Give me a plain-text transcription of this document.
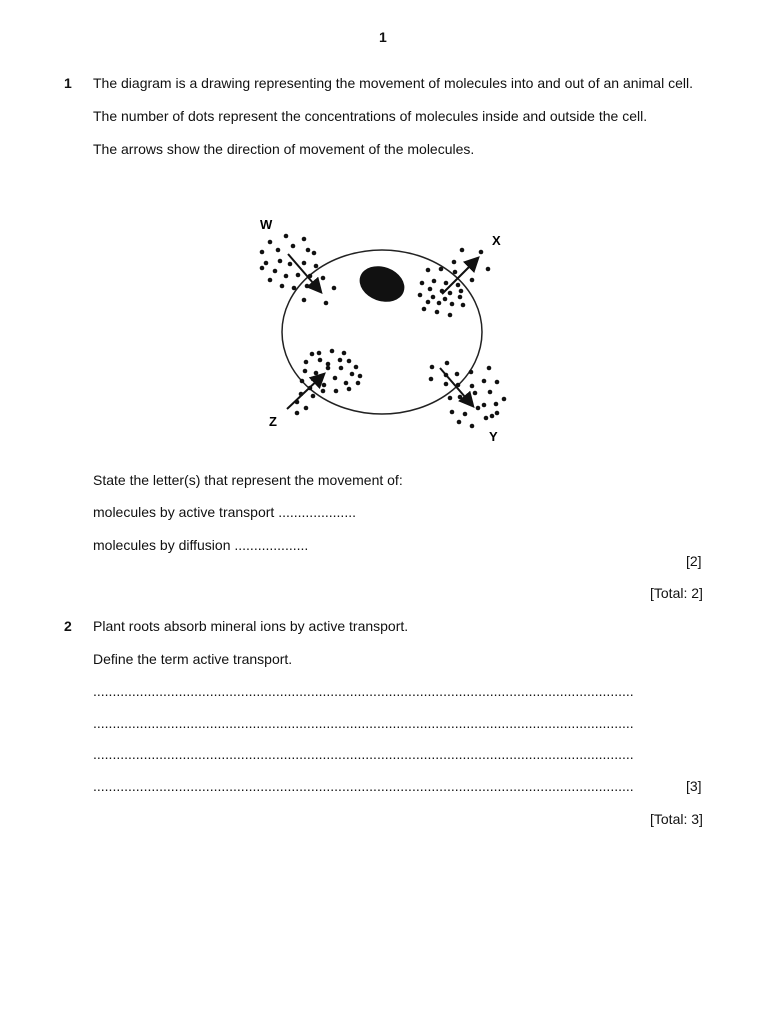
1
1 The diagram is a drawing representing the movement of molecules into and out of an animal cell.
The number of dots represent the concentrations of molecules inside and outside the cell.
The arrows show the direction of movement of the molecules.
W
X
Y
Z
State the letter(s) that represent the movement of:
molecules by active transport ....................
molecules by diffusion ...................
[2]
[Total: 2]
2 Plant roots absorb mineral ions by active transport.
Define the term active transport.
...........................................................................................................................................
...........................................................................................................................................
...........................................................................................................................................
...........................................................................................................................................	[3]
[Total: 3]
